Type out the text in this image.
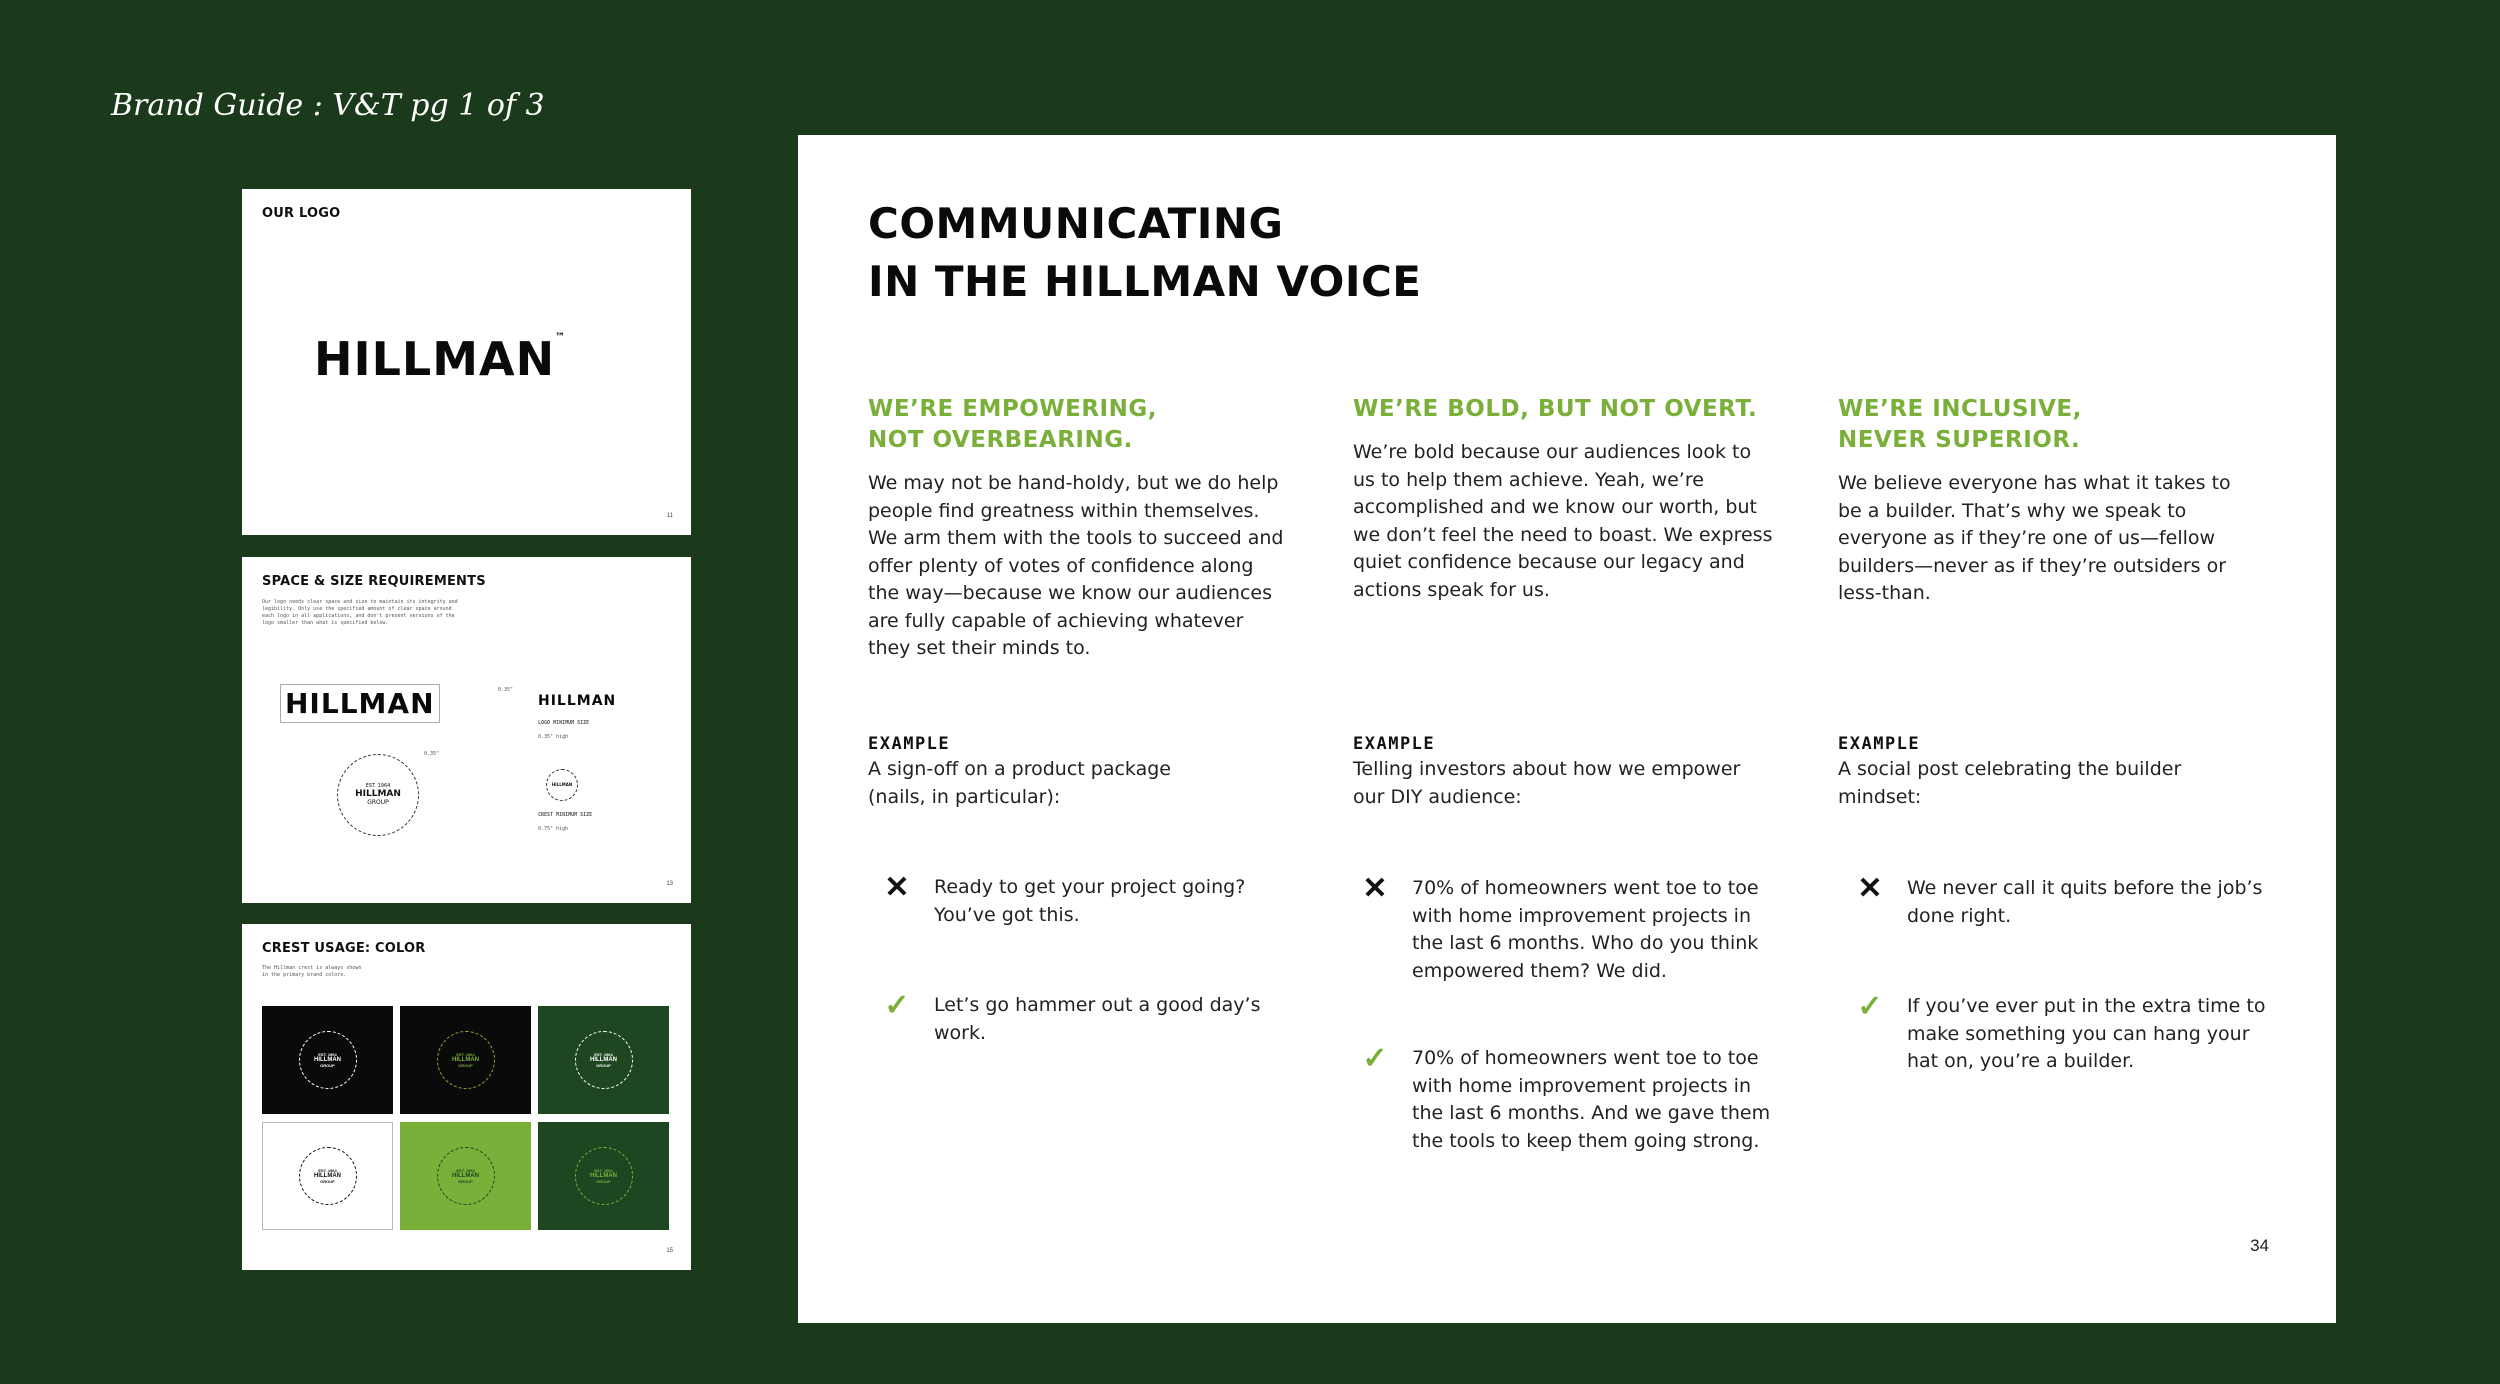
Brand Guide : V&T pg 1 of 3
OUR LOGO
HILLMAN™
11
SPACE & SIZE REQUIREMENTS
Our logo needs clear space and size to maintain its integrity and
legibility. Only use the specified amount of clear space around
each logo in all applications, and don't present versions of the
logo smaller than what is specified below.
HILLMAN	0.35"
HILLMAN
LOGO MINIMUM SIZE
0.35" high
EST. 1964
HILLMAN
GROUP
0.35"
HILLMAN
CREST MINIMUM SIZE
0.75" high
13
CREST USAGE: COLOR
The Hillman crest is always shown
in the primary brand colors.
EST. 1964
HILLMAN
GROUP
EST. 1964
HILLMAN
GROUP
EST. 1964
HILLMAN
GROUP
EST. 1964
HILLMAN
GROUP
EST. 1964
HILLMAN
GROUP
EST. 1964
HILLMAN
GROUP
15
COMMUNICATING
IN THE HILLMAN VOICE
WE’RE EMPOWERING,
NOT OVERBEARING.
We may not be hand-holdy, but we do help people find greatness within themselves. We arm them with the tools to succeed and offer plenty of votes of confidence along the way—because we know our audiences are fully capable of achieving whatever they set their minds to.
EXAMPLE
A sign-off on a product package
(nails, in particular):
✕ Ready to get your project going? You’ve got this.
✓ Let’s go hammer out a good day’s work.
WE’RE BOLD, BUT NOT OVERT.
We’re bold because our audiences look to us to help them achieve. Yeah, we’re accomplished and we know our worth, but we don’t feel the need to boast. We express quiet confidence because our legacy and actions speak for us.
EXAMPLE
Telling investors about how we empower
our DIY audience:
✕ 70% of homeowners went toe to toe with home improvement projects in the last 6 months. Who do you think empowered them? We did.
✓ 70% of homeowners went toe to toe with home improvement projects in the last 6 months. And we gave them the tools to keep them going strong.
WE’RE INCLUSIVE,
NEVER SUPERIOR.
We believe everyone has what it takes to be a builder. That’s why we speak to everyone as if they’re one of us—fellow builders—never as if they’re outsiders or less-than.
EXAMPLE
A social post celebrating the builder mindset:
✕ We never call it quits before the job’s done right.
✓ If you’ve ever put in the extra time to make something you can hang your hat on, you’re a builder.
34
